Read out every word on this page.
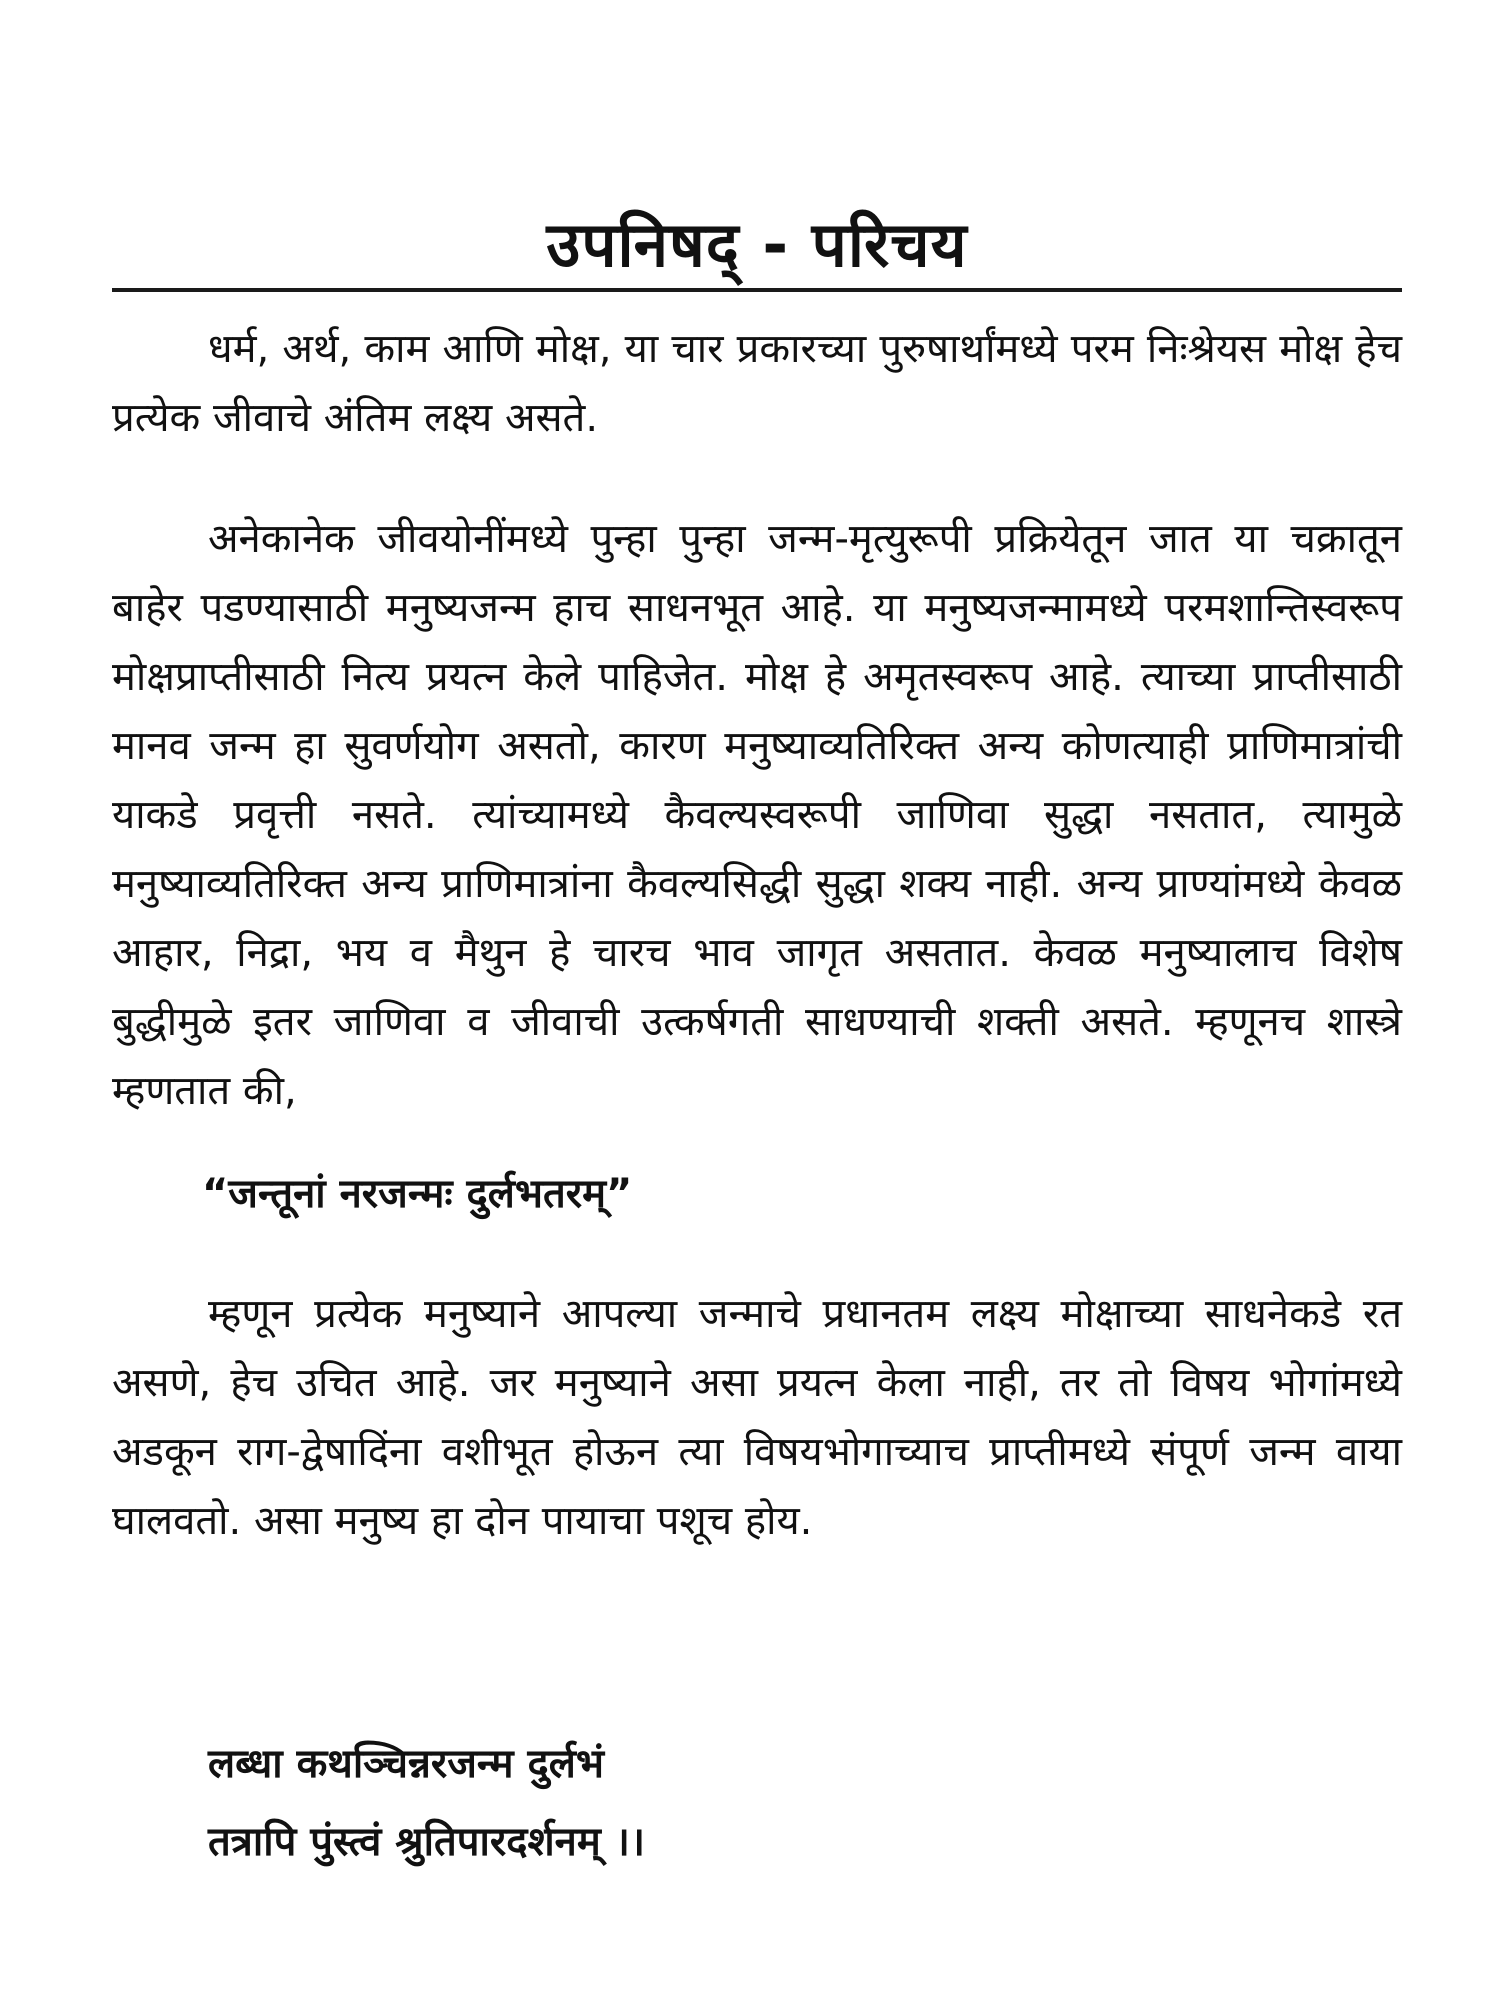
उपनिषद् - परिचय
धर्म, अर्थ, काम आणि मोक्ष, या चार प्रकारच्या पुरुषार्थांमध्ये परम निःश्रेयस मोक्ष हेच प्रत्येक जीवाचे अंतिम लक्ष्य असते.
अनेकानेक जीवयोनींमध्ये पुन्हा पुन्हा जन्म-मृत्युरूपी प्रक्रियेतून जात या चक्रातून बाहेर पडण्यासाठी मनुष्यजन्म हाच साधनभूत आहे. या मनुष्यजन्मामध्ये परमशान्तिस्वरूप मोक्षप्राप्तीसाठी नित्य प्रयत्न केले पाहिजेत. मोक्ष हे अमृतस्वरूप आहे. त्याच्या प्राप्तीसाठी मानव जन्म हा सुवर्णयोग असतो, कारण मनुष्याव्यतिरिक्त अन्य कोणत्याही प्राणिमात्रांची याकडे प्रवृत्ती नसते. त्यांच्यामध्ये कैवल्यस्वरूपी जाणिवा सुद्धा नसतात, त्यामुळे मनुष्याव्यतिरिक्त अन्य प्राणिमात्रांना कैवल्यसिद्धी सुद्धा शक्य नाही. अन्य प्राण्यांमध्ये केवळ आहार, निद्रा, भय व मैथुन हे चारच भाव जागृत असतात. केवळ मनुष्यालाच विशेष बुद्धीमुळे इतर जाणिवा व जीवाची उत्कर्षगती साधण्याची शक्ती असते. म्हणूनच शास्त्रे म्हणतात की,
“जन्तूनां नरजन्मः दुर्लभतरम्”
म्हणून प्रत्येक मनुष्याने आपल्या जन्माचे प्रधानतम लक्ष्य मोक्षाच्या साधनेकडे रत असणे, हेच उचित आहे. जर मनुष्याने असा प्रयत्न केला नाही, तर तो विषय भोगांमध्ये अडकून राग-द्वेषादिंना वशीभूत होऊन त्या विषयभोगाच्याच प्राप्तीमध्ये संपूर्ण जन्म वाया घालवतो. असा मनुष्य हा दोन पायाचा पशूच होय.
लब्धा कथञ्चिन्नरजन्म दुर्लभं
तत्रापि पुंस्त्वं श्रुतिपारदर्शनम् ।।
